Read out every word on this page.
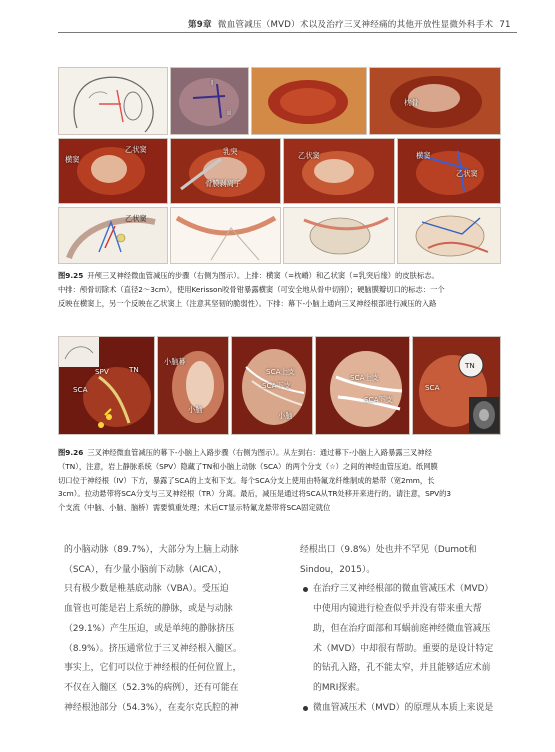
第9章 微血管减压（MVD）术以及治疗三叉神经痛的其他开放性显微外科手术 71
I
ii
枕骨
横窦
乙状窦	乳突
骨膜剥离子
乙状窦	横窦
乙状窦
乙状窦
图9.25 开颅三叉神经微血管减压的步骤（右侧为图示）。上排：横窦（=枕嵴）和乙状窦（=乳突后缘）的皮肤标志。
中排：颅骨切除术（直径2～3cm），使用Kerisson咬骨钳暴露横窦（可安全地从骨中切削）；硬脑膜瓣切口的标志：一个
反映在横窦上，另一个反映在乙状窦上（注意其坚韧的脆弱性）。下排：幕下-小脑上通向三叉神经根部进行减压的入路
SPV	TN
SCA
小脑幕
小脑
SCA上支
SCA下支
小脑
SCA上支
SCA下支
SCA
TN
图9.26 三叉神经微血管减压的幕下-小脑上入路步骤（右侧为图示）。从左到右：通过幕下-小脑上入路暴露三叉神经
（TN），注意，岩上静脉系统（SPV）隐藏了TN和小脑上动脉（SCA）的两个分支（☆）之间的神经血管压迫。纸网膜
切口位于神经根（IV）下方，暴露了SCA的上支和下支。每个SCA分支上使用由特氟龙纤维制成的悬带（宽2mm，长
3cm）。拉动悬带将SCA分支与三叉神经根（TR）分离。最后，减压是通过将SCA从TR处移开来进行的。请注意，SPV的3
个支流（中脑、小脑、脑桥）需要慎重处理；术后CT显示特氟龙悬带将SCA固定就位
的小脑动脉（89.7%），大部分为上脑上动脉
（SCA），有少量小脑前下动脉（AICA），
只有极少数是椎基底动脉（VBA）。受压迫
血管也可能是岩上系统的静脉，或是与动脉
（29.1%）产生压迫，或是单纯的静脉挤压
（8.9%）。挤压通常位于三叉神经根入髓区。
事实上，它们可以位于神经根的任何位置上，
不仅在入髓区（52.3%的病例），还有可能在
神经根池部分（54.3%），在麦尔克氏腔的神
经根出口（9.8%）处也并不罕见（Dumot和
Sindou，2015）。
在治疗三叉神经根部的微血管减压术（MVD）
中使用内镜进行检查似乎并没有带来重大帮
助，但在治疗面部和耳蜗前庭神经微血管减压
术（MVD）中却很有帮助。重要的是设计特定
的钻孔入路，孔不能太窄，并且能够适应术前
的MRI探索。
微血管减压术（MVD）的原理从本质上来说是
